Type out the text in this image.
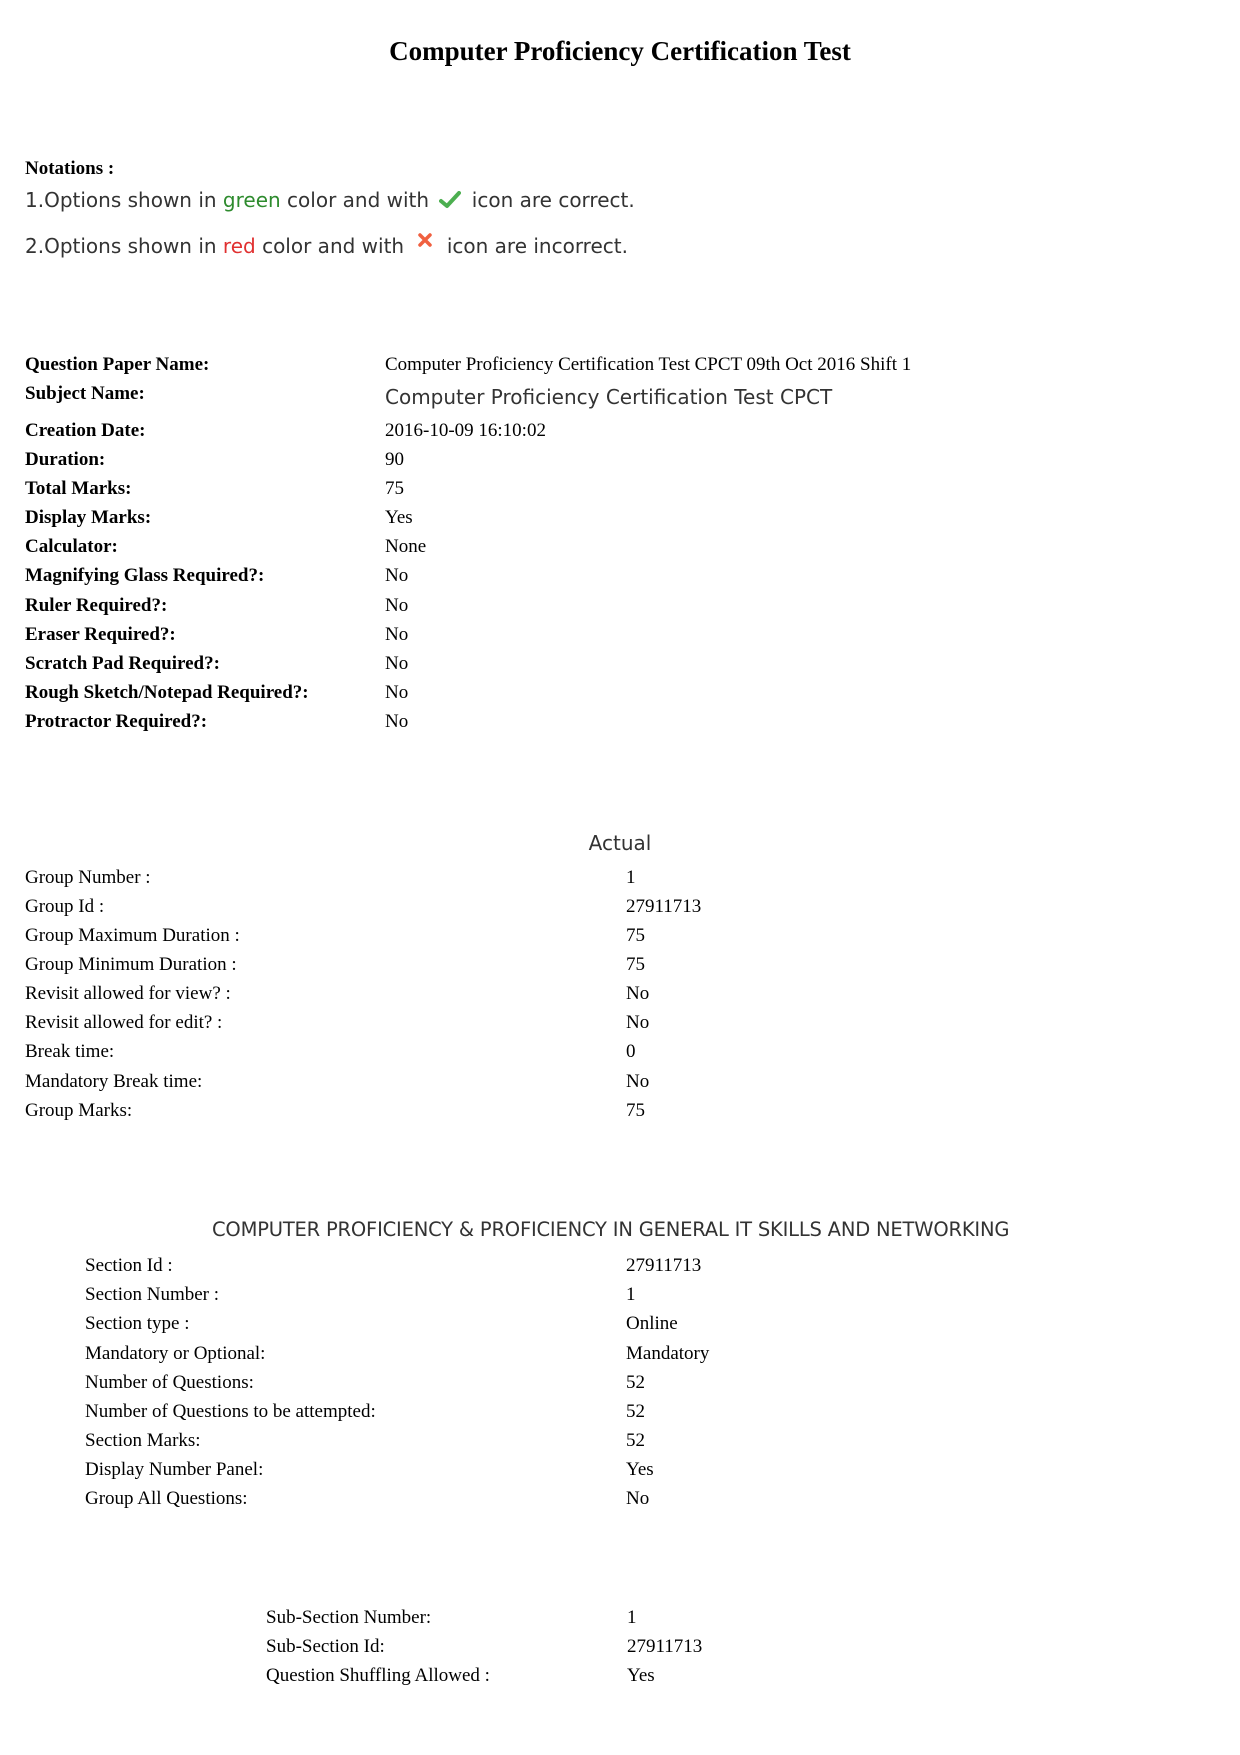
Computer Proficiency Certification Test
Notations :
1.Options shown in green color and with  icon are correct.
2.Options shown in red color and with  icon are incorrect.
Question Paper Name:	Computer Proficiency Certification Test CPCT 09th Oct 2016 Shift 1
Subject Name:	Computer Proficiency Certification Test CPCT
Creation Date:	2016-10-09 16:10:02
Duration:	90
Total Marks:	75
Display Marks:	Yes
Calculator:	None
Magnifying Glass Required?:	No
Ruler Required?:	No
Eraser Required?:	No
Scratch Pad Required?:	No
Rough Sketch/Notepad Required?:	No
Protractor Required?:	No
Actual
Group Number :	1
Group Id :	27911713
Group Maximum Duration :	75
Group Minimum Duration :	75
Revisit allowed for view? :	No
Revisit allowed for edit? :	No
Break time:	0
Mandatory Break time:	No
Group Marks:	75
COMPUTER PROFICIENCY & PROFICIENCY IN GENERAL IT SKILLS AND NETWORKING
Section Id :	27911713
Section Number :	1
Section type :	Online
Mandatory or Optional:	Mandatory
Number of Questions:	52
Number of Questions to be attempted:	52
Section Marks:	52
Display Number Panel:	Yes
Group All Questions:	No
Sub-Section Number:	1
Sub-Section Id:	27911713
Question Shuffling Allowed :	Yes
